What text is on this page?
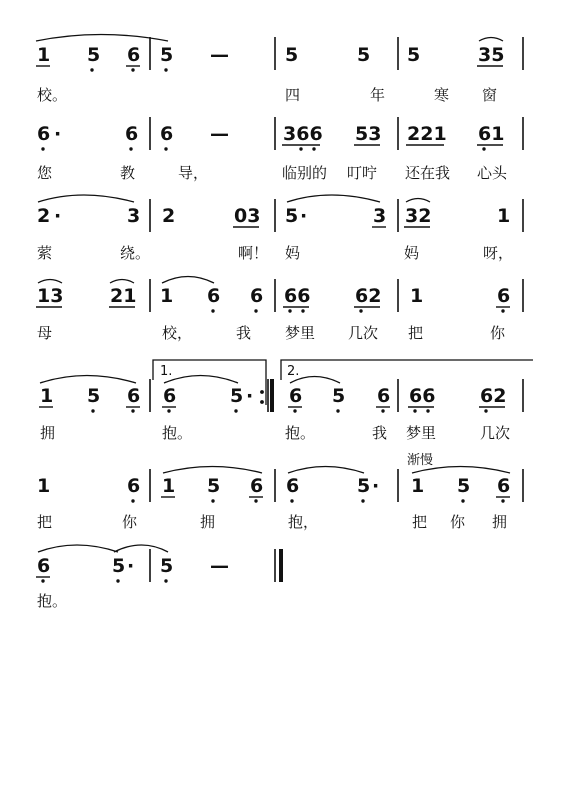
1 5 6 5 —	5	5 5	35
校。	四	年	寒 窗
6 ·	6 6 —	366 53 221 61
您	教	导，	临别的 叮咛 还在我 心头
2 ·	3 2	03 5 ·	3 32	1
萦	绕。	啊！ 妈	妈	呀，
13 21 1 6 6 66 62 1	6
母	校，	我 梦里 几次 把	你
1.	2.
1 5 6 6	5 · 6 5 6 66 62
拥	抱。	抱。	我 梦里	几次
渐慢
1	6 1 5 6 6	5 · 1 5 6
把	你	拥	抱，	把 你 拥
6	5 · 5 —
抱。
